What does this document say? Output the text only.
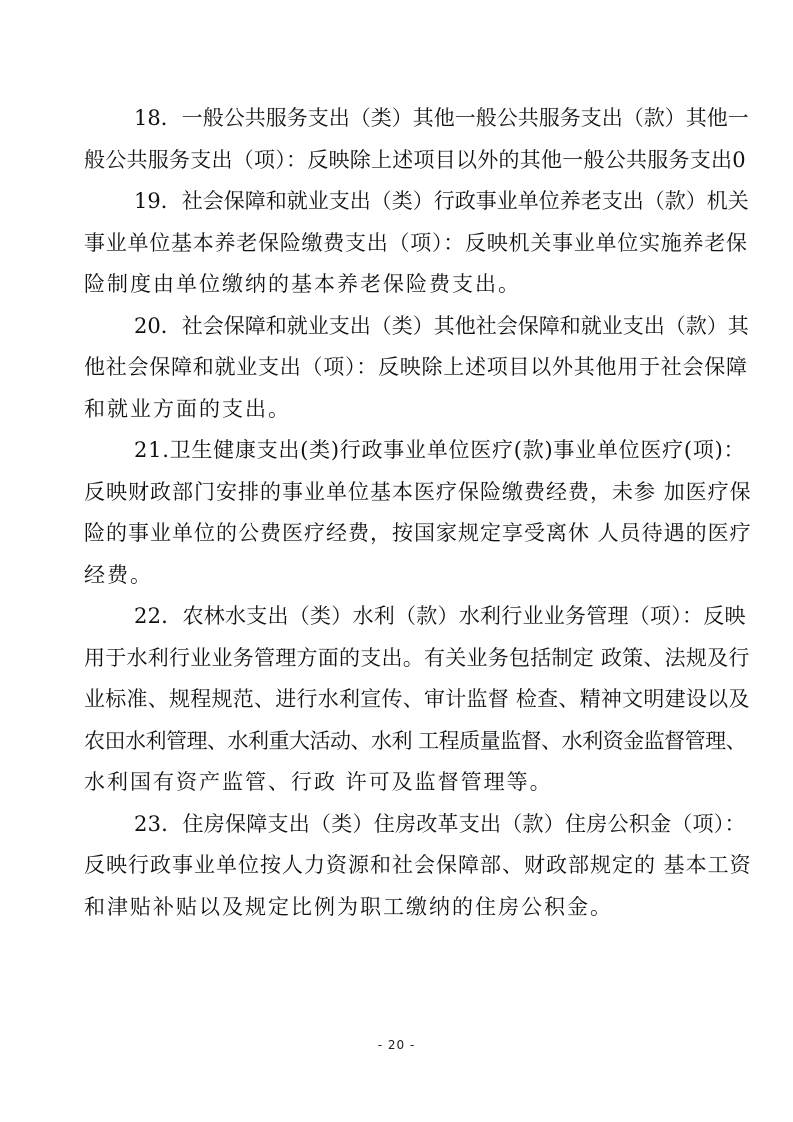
18．一般公共服务支出（类）其他一般公共服务支出（款）其他一
般公共服务支出（项）：反映除上述项目以外的其他一般公共服务支出0

19．社会保障和就业支出（类）行政事业单位养老支出（款）机关
事业单位基本养老保险缴费支出（项）：反映机关事业单位实施养老保
险制度由单位缴纳的基本养老保险费支出。

20．社会保障和就业支出（类）其他社会保障和就业支出（款）其
他社会保障和就业支出（项）：反映除上述项目以外其他用于社会保障
和就业方面的支出。

21.卫生健康支出(类)行政事业单位医疗(款)事业单位医疗(项)：
反映财政部门安排的事业单位基本医疗保险缴费经费，未参 加医疗保
险的事业单位的公费医疗经费，按国家规定享受离休 人员待遇的医疗
经费。

22．农林水支出（类）水利（款）水利行业业务管理（项）：反映
用于水利行业业务管理方面的支出。有关业务包括制定 政策、法规及行
业标准、规程规范、进行水利宣传、审计监督 检查、精神文明建设以及
农田水利管理、水利重大活动、水利 工程质量监督、水利资金监督管理、
水利国有资产监管、行政 许可及监督管理等。

23．住房保障支出（类）住房改革支出（款）住房公积金（项）：
反映行政事业单位按人力资源和社会保障部、财政部规定的 基本工资
和津贴补贴以及规定比例为职工缴纳的住房公积金。

- 20 -
